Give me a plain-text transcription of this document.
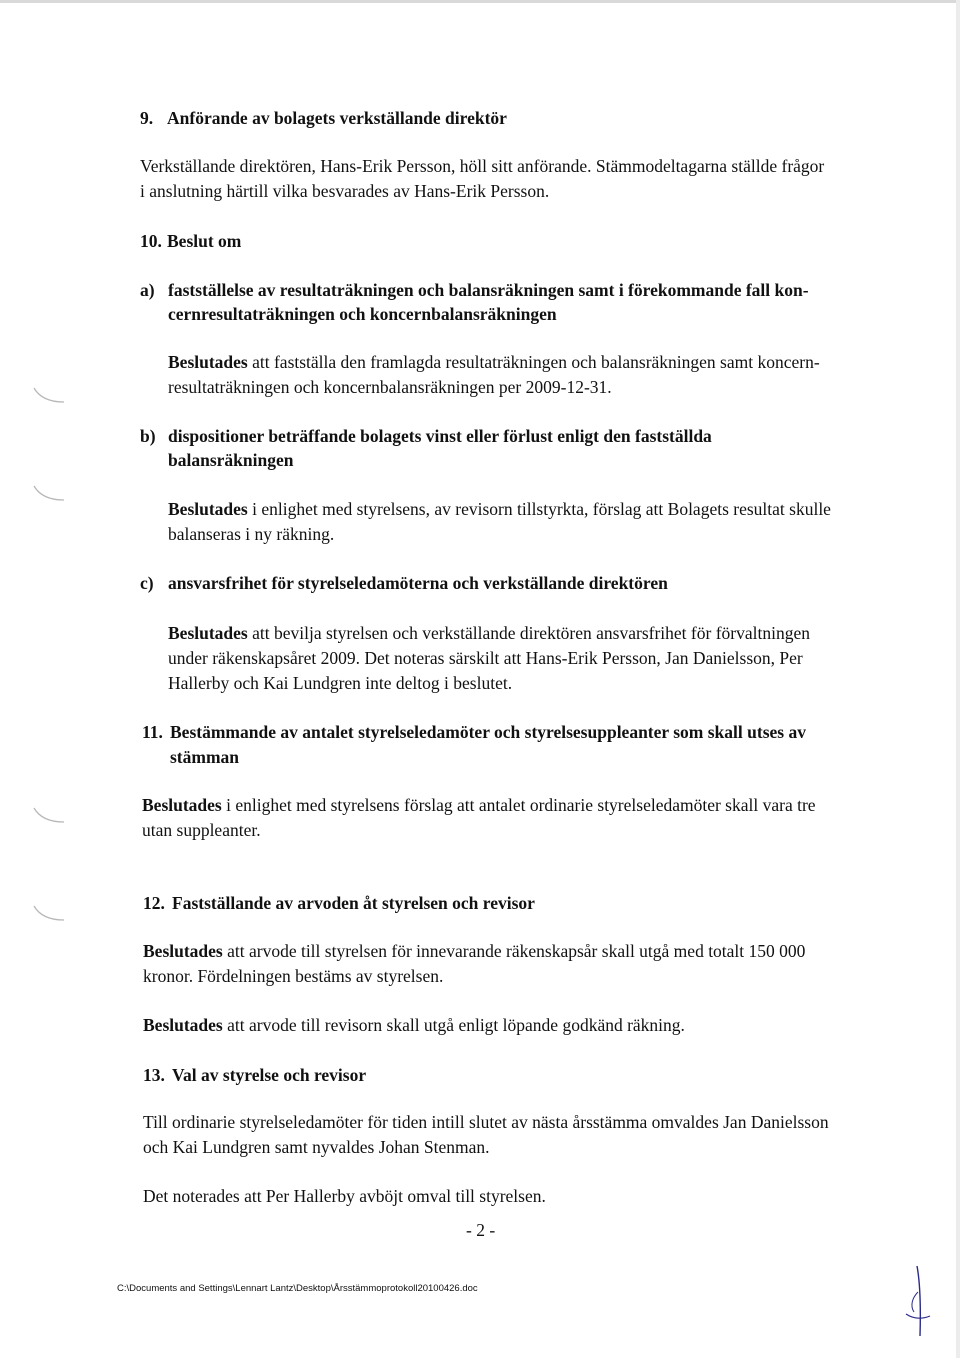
9. Anförande av bolagets verkställande direktör
Verkställande direktören, Hans-Erik Persson, höll sitt anförande. Stämmodeltagarna ställde frågor
i anslutning härtill vilka besvarades av Hans-Erik Persson.
10. Beslut om
a) fastställelse av resultaträkningen och balansräkningen samt i förekommande fall kon-
cernresultaträkningen och koncernbalansräkningen
Beslutades att fastställa den framlagda resultaträkningen och balansräkningen samt koncern-
resultaträkningen och koncernbalansräkningen per 2009-12-31.
b) dispositioner beträffande bolagets vinst eller förlust enligt den fastställda
balansräkningen
Beslutades i enlighet med styrelsens, av revisorn tillstyrkta, förslag att Bolagets resultat skulle
balanseras i ny räkning.
c) ansvarsfrihet för styrelseledamöterna och verkställande direktören
Beslutades att bevilja styrelsen och verkställande direktören ansvarsfrihet för förvaltningen
under räkenskapsåret 2009. Det noteras särskilt att Hans-Erik Persson, Jan Danielsson, Per
Hallerby och Kai Lundgren inte deltog i beslutet.
11. Bestämmande av antalet styrelseledamöter och styrelsesuppleanter som skall utses av
stämman
Beslutades i enlighet med styrelsens förslag att antalet ordinarie styrelseledamöter skall vara tre
utan suppleanter.
12. Fastställande av arvoden åt styrelsen och revisor
Beslutades att arvode till styrelsen för innevarande räkenskapsår skall utgå med totalt 150 000
kronor. Fördelningen bestäms av styrelsen.
Beslutades att arvode till revisorn skall utgå enligt löpande godkänd räkning.
13. Val av styrelse och revisor
Till ordinarie styrelseledamöter för tiden intill slutet av nästa årsstämma omvaldes Jan Danielsson
och Kai Lundgren samt nyvaldes Johan Stenman.
Det noterades att Per Hallerby avböjt omval till styrelsen.
- 2 -
C:\Documents and Settings\Lennart Lantz\Desktop\Årsstämmoprotokoll20100426.doc
